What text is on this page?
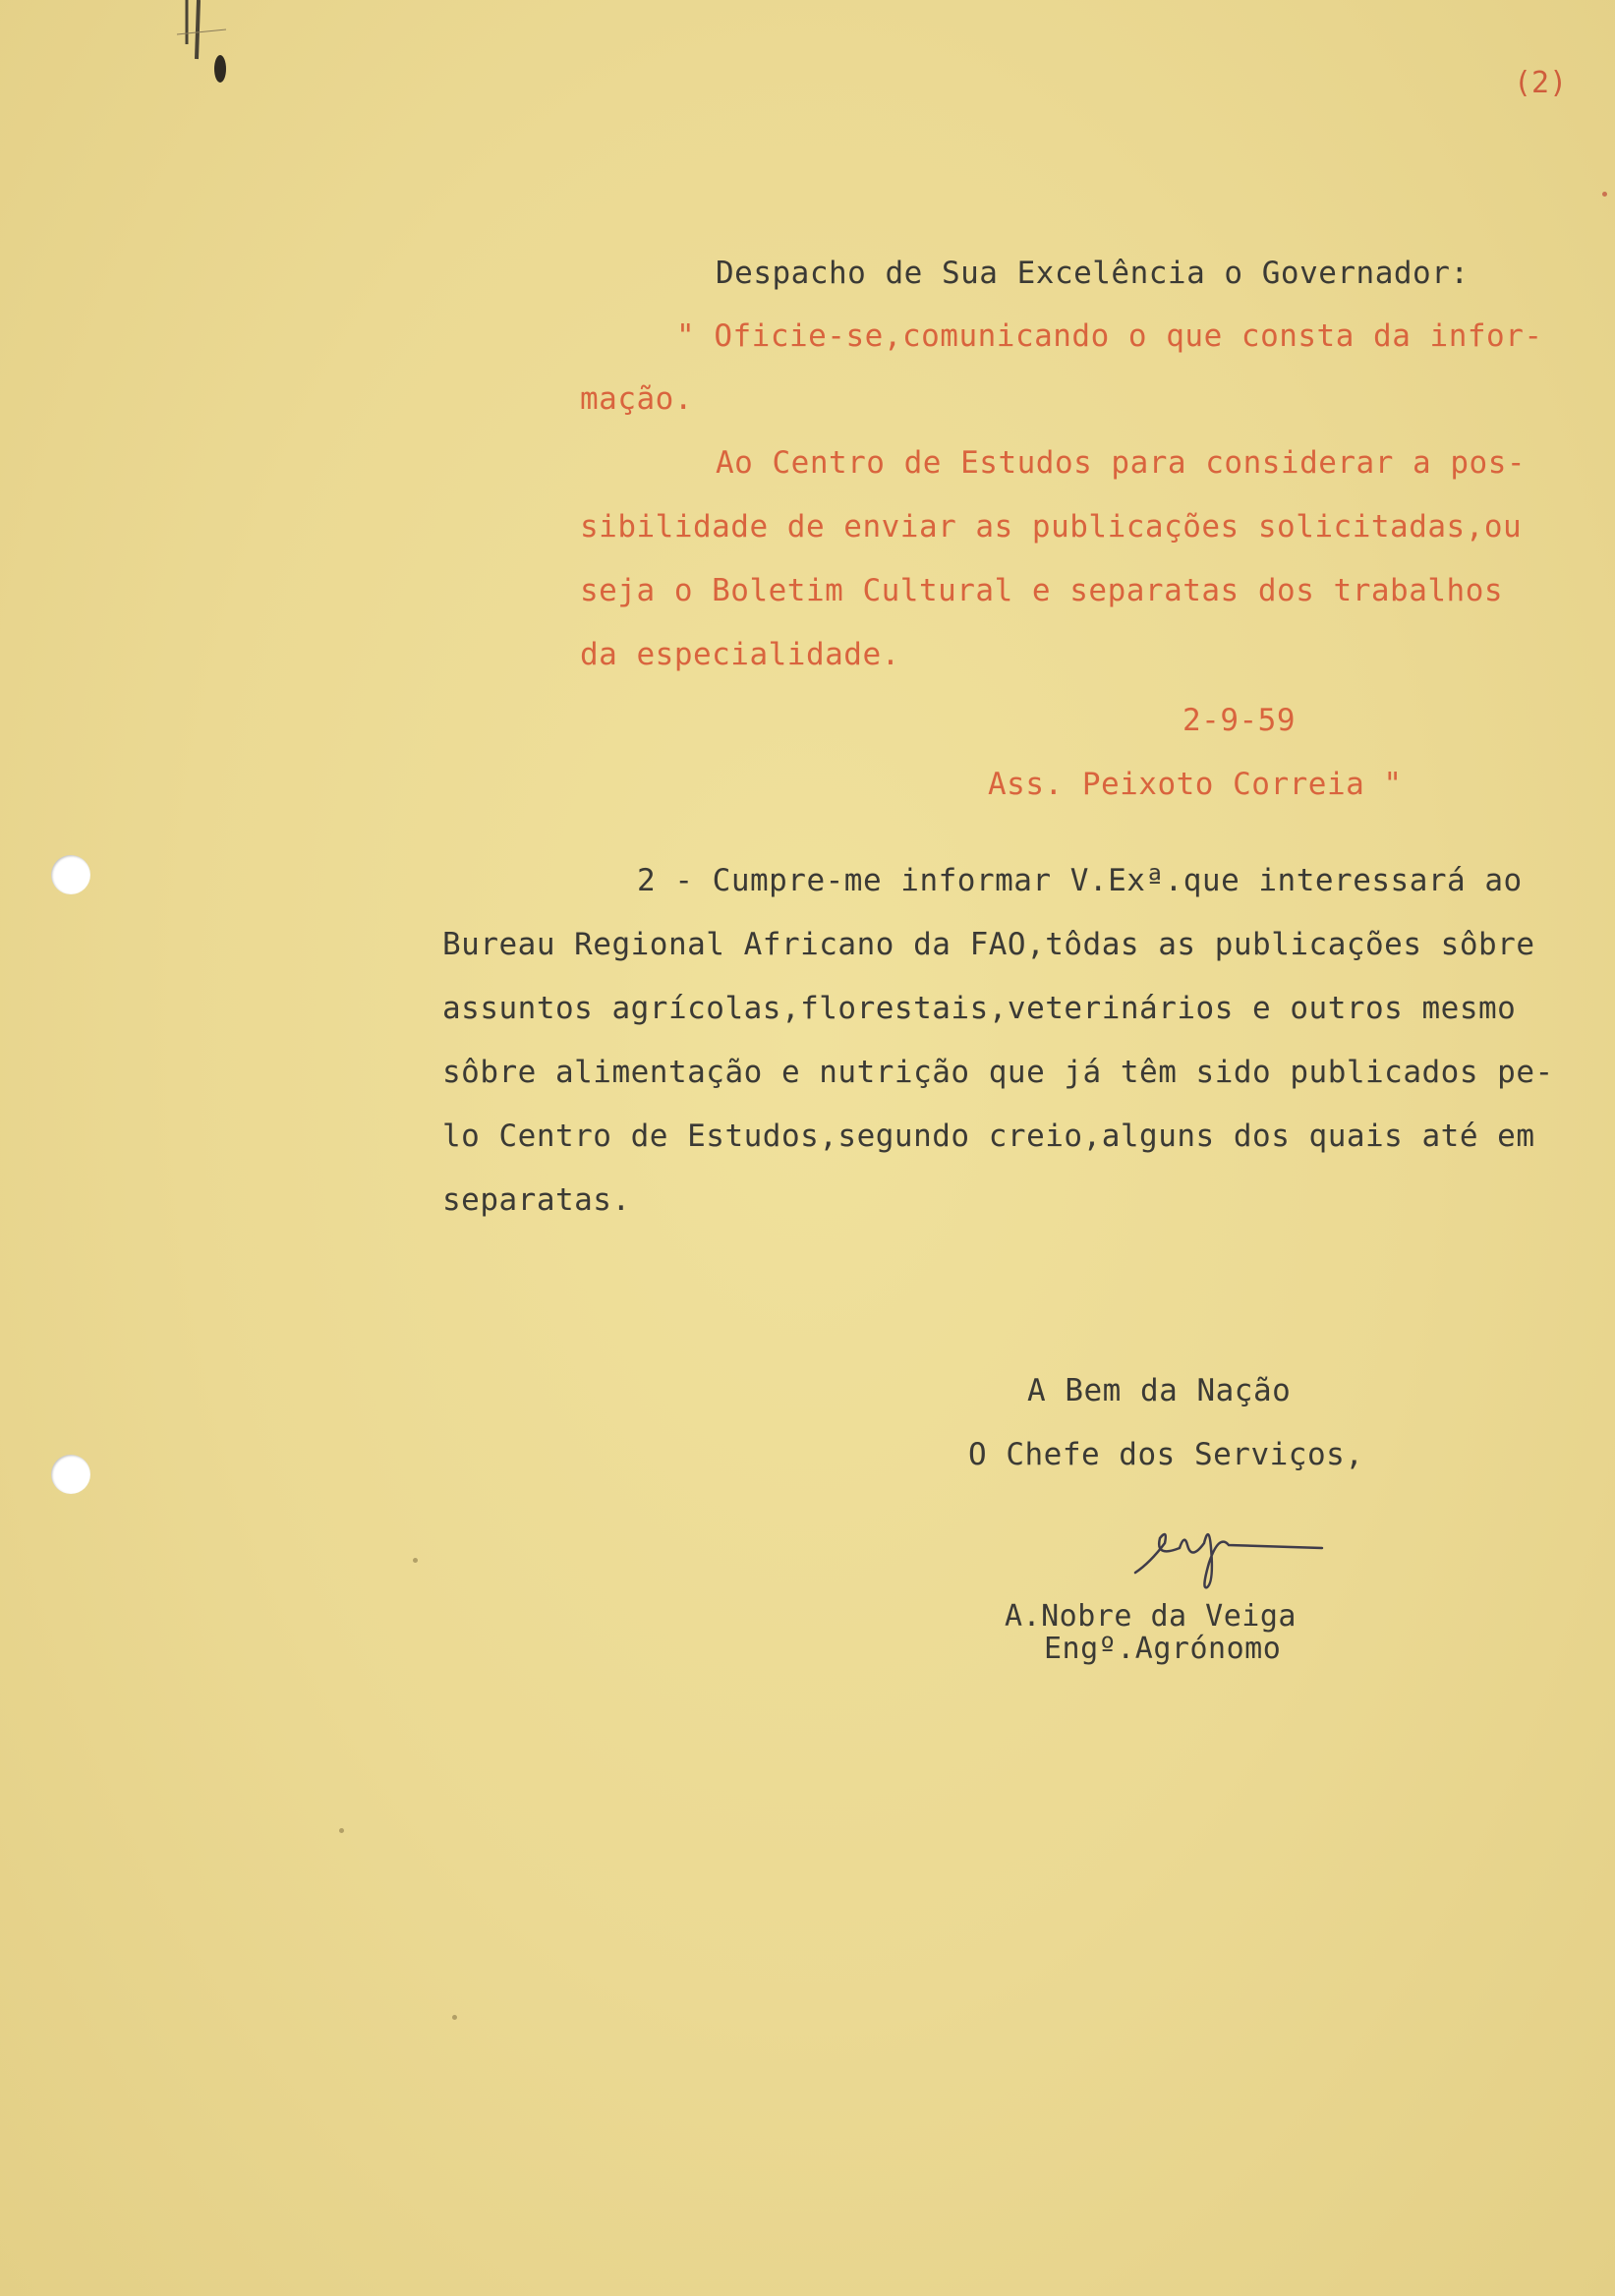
(2)
Despacho de Sua Excelência o Governador:
" Oficie-se,comunicando o que consta da infor-
mação.
Ao Centro de Estudos para considerar a pos-
sibilidade de enviar as publicações solicitadas,ou
seja o Boletim Cultural e separatas dos trabalhos
da especialidade.
2-9-59
Ass. Peixoto Correia "
2 - Cumpre-me informar V.Exª.que interessará ao
Bureau Regional Africano da FAO,tôdas as publicações sôbre
assuntos agrícolas,florestais,veterinários e outros mesmo
sôbre alimentação e nutrição que já têm sido publicados pe-
lo Centro de Estudos,segundo creio,alguns dos quais até em
separatas.
A Bem da Nação
O Chefe dos Serviços,
A.Nobre da Veiga
Engº.Agrónomo
